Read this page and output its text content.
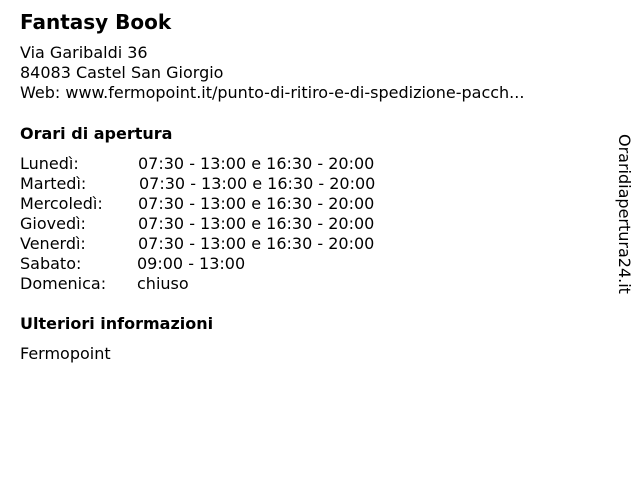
Fantasy Book
Via Garibaldi 36
84083 Castel San Giorgio
Web: www.fermopoint.it/punto-di-ritiro-e-di-spedizione-pacch...
Orari di apertura
Lunedì:	07:30 - 13:00 e 16:30 - 20:00
Martedì:	07:30 - 13:00 e 16:30 - 20:00
Mercoledì: 07:30 - 13:00 e 16:30 - 20:00
Giovedì:	07:30 - 13:00 e 16:30 - 20:00
Venerdì:	07:30 - 13:00 e 16:30 - 20:00
Sabato:	09:00 - 13:00
Domenica: chiuso
Ulteriori informazioni
Fermopoint
Oraridiapertura24.it
